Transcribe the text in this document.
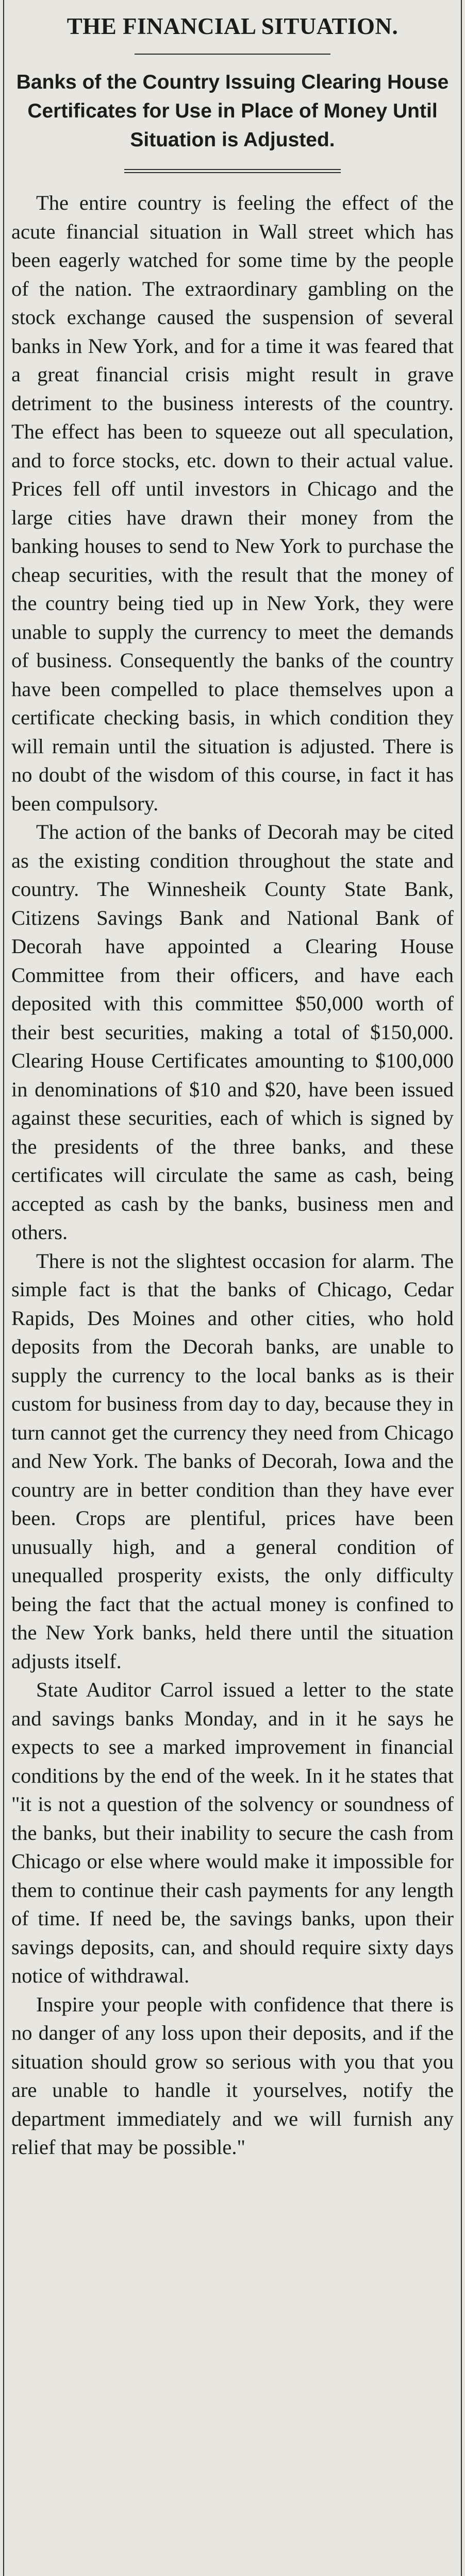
THE FINANCIAL SITUATION.
Banks of the Country Issuing Clearing House Certificates for Use in Place of Money Until Situation is Adjusted.

The entire country is feeling the effect of the acute financial situation in Wall street which has been eagerly watched for some time by the people of the nation. The extraordinary gambling on the stock exchange caused the suspension of several banks in New York, and for a time it was feared that a great financial crisis might result in grave detriment to the business interests of the country. The effect has been to squeeze out all speculation, and to force stocks, etc. down to their actual value. Prices fell off until investors in Chicago and the large cities have drawn their money from the banking houses to send to New York to purchase the cheap securities, with the result that the money of the country being tied up in New York, they were unable to supply the currency to meet the demands of business. Consequently the banks of the country have been compelled to place themselves upon a certificate checking basis, in which condition they will remain until the situation is adjusted. There is no doubt of the wisdom of this course, in fact it has been compulsory.

The action of the banks of Decorah may be cited as the existing condition throughout the state and country. The Winnesheik County State Bank, Citizens Savings Bank and National Bank of Decorah have appointed a Clearing House Committee from their officers, and have each deposited with this committee $50,000 worth of their best securities, making a total of $150,000. Clearing House Certificates amounting to $100,000 in denominations of $10 and $20, have been issued against these securities, each of which is signed by the presidents of the three banks, and these certificates will circulate the same as cash, being accepted as cash by the banks, business men and others.

There is not the slightest occasion for alarm. The simple fact is that the banks of Chicago, Cedar Rapids, Des Moines and other cities, who hold deposits from the Decorah banks, are unable to supply the currency to the local banks as is their custom for business from day to day, because they in turn cannot get the currency they need from Chicago and New York. The banks of Decorah, Iowa and the country are in better condition than they have ever been. Crops are plentiful, prices have been unusually high, and a general condition of unequalled prosperity exists, the only difficulty being the fact that the actual money is confined to the New York banks, held there until the situation adjusts itself.

State Auditor Carrol issued a letter to the state and savings banks Monday, and in it he says he expects to see a marked improvement in financial conditions by the end of the week. In it he states that "it is not a question of the solvency or soundness of the banks, but their inability to secure the cash from Chicago or else where would make it impossible for them to continue their cash payments for any length of time. If need be, the savings banks, upon their savings deposits, can, and should require sixty days notice of withdrawal.

Inspire your people with confidence that there is no danger of any loss upon their deposits, and if the situation should grow so serious with you that you are unable to handle it yourselves, notify the department immediately and we will furnish any relief that may be possible."
